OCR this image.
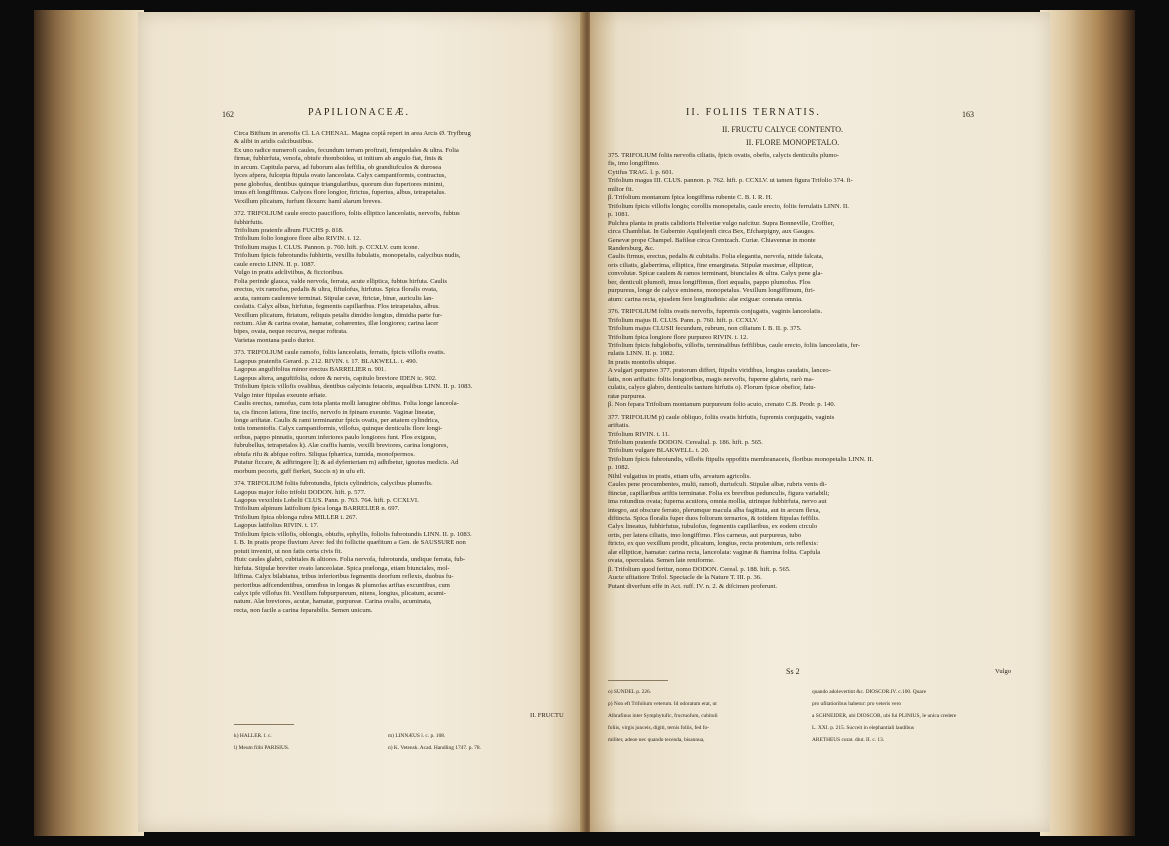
162	PAPILIONACEÆ.

Circa Bitfium in arenofis Cl. LA CHENAL. Magna copiâ reperi in area Arcis Ø. Tryfbrug

& alibi in aridis calcibusiibus.

Ex uno radice numerofi caules, fecundum terram proftrati, femipedales & ultra. Folia

firmæ, fubhirfuta, venofa, obtufe rhomboidea, ut initium ab angulo fiat, finis &

in arcum. Capitula parva, ad fuborum alas feffilia, ob grandiufculos & durosea

lyces afpera, fulcepta ftipula ovato lanceolata. Calyx campaniformis, contractus,

pene globofus, dentibus quinque triangularibus, quorum duo fuperiores minimi,

imus eft longiffimus. Calyces flore longior, ftrictus, fuperius, albus, tetrapetalus.

Vexillum plicatum, furfum flexum: hamî alarum breves.

372. TRIFOLIUM caule erecto paucifloro, foliis elliptico lanceolatis, nervofis, fubtus

fubhirfutis.

Trifolium pratenfe album FUCHS p. 818.

Trifolium folio longiore flore albo RIVIN. t. 12.

Trifolium majus I. CLUS. Pannon. p. 760. hift. p. CCXLV. cum icone.

Trifolium fpicis fubrotundis fubhirtis, vexillis fubulatis, monopetalis, calycibus nudis,

caule erecto LINN. II. p. 1087.

Vulgo in pratis adcliviibus, & ficcioribus.

Folia perinde glauca, valde nervofa, ferrata, acute elliptica, fubtus hirfuta. Caulis

erectus, vix ramofus, pedalis & ultra, fiftulofus, hirfutus. Spica floralis ovata,

acuta, ramum caulemve terminat. Stipulæ cavæ, ftrictæ, binæ, auriculis lan-

ceolatis. Calyx albus, hirfutus, fegmentis capillaribus. Flos tetrapetalus, albus.

Vexillum plicatum, ftriatum, reliquis petalis dimidio longius, dimidia parte fur-

rectum. Alæ & carina ovatæ, hamatæ, cohærentes, illæ longiores; carina lacer

bipes, ovata, neque recurva, neque roftrata.

Varietas montana paulo durior.

373. TRIFOLIUM caule ramofo, foliis lanceolatis, ferratis, fpicis villofis ovatis.

Lagopus pratenfis Gerard. p. 212. RIVIN. t. 17. BLAKWELL. t. 490.

Lagopus angufifolius minor erectus BARRELIER n. 901.

Lagopus altera, anguftifolia, odore & nervis, capitulo breviore IDEN ic. 902.

Trifolium fpicis villofis ovalibus, dentibus calycinis fetaceis, æqualibus LINN. II. p. 1083.

Vulgo inter ftipulas exeunte æftate.

Caulis erectus, ramofus, cum tota planta molli lanugine obfitus. Folia longe lanceola-

ta, cis fincon latiora, fine incifo, nervofo in fpinam exeunte. Vaginæ lineatæ,

longe ariftatæ. Caulis & rami terminantur fpicis ovatis, per ætatem cylindrica,

totis tomentofis. Calyx campaniformis, villofus, quinque denticulis flore longi-

oribus, pappo pinnatis, quorum inferiores paulo longiores funt. Flos exiguus,

fubrubellus, tetrapetalos k). Alæ craffis hamis, vexilli breviores, carina longiores,

obtufa rifu & abfque roftro. Siliqua fphærica, tumida, monofpermos.

Putatur ficcare, & adftringere l); & ad dyfenteriam m) adhibetur, ignotus medicis. Ad

morbum pecoris, guff fierket, Succis n) in ufu eft.

374. TRIFOLIUM foliis fubrotundis, fpicis cylindricis, calycibus plumofis.

Lagopus major folio trifolii DODON. hift. p. 577.

Lagopus vexcilnis Lobelii CLUS. Pann. p. 763. 764. hift. p. CCXLVI.

Trifolium alpinum latifolium fpica longa BARRELIER n. 697.

Trifolium fpica oblonga rubra MILLER t. 267.

Lagopus latifolius RIVIN. t. 17.

Trifolium fpicis villofis, oblongis, obtufis, ephyllis, foliolis fubrotundis LINN. II. p. 1083.

I. B. In pratis prope fluvium Arve: fed ibi follicite quæfitum a Gen. de SAUSSURE non

potuit inveniri, ut non fatis certa civis fit.

Huic caules glabri, cubitales & altiores. Folia nervofa, fubrotunda, undique ferrata, fub-

hirfuta. Stipulæ breviter ovato lanceolatæ. Spica prælonga, etiam biunciales, mol-

liffima. Calyx bilabiatus, tribus inferioribus fegmentis deorfum reflexis, duobus fu-

perioribus adfcendentibus, omnibus in longas & plumofas ariftas excuntibus, cum

calyx ipfe villofus fit. Vexillum fubpurpureum, nitens, longius, plicatum, acumi-

natum. Alæ breviores, acutæ, hamatæ, purpureæ. Carina ovalis, acuminata,

recta, non facile a carina feparabilis. Semen unicum.

II. FRUCTU

k) HALLER. l. c.

l) Meum fiibi PARISIUS.

m) LINNÆUS l. c. p. 108.

n) K. Vetensk. Acad. Handling 1747. p. 78.

II. FOLIIS TERNATIS.	163
II. FRUCTU CALYCE CONTENTO.
II. FLORE MONOPETALO.

375. TRIFOLIUM foliis nervofis ciliatis, fpicis ovatis, obefis, calycis denticulis plumo-

fis, imo longiffimo.

Cytifus TRAG. l. p. 601.

Trifolium magus III. CLUS. pannon. p. 762. hift. p. CCXLV. ut tamen figura Trifolio 374. fi-

milior fit.

β. Trifolium montanum fpica longiffima rubente C. B. I. R. H.

Trifolium fpicis villofis longis; corollis monopetalis, caule erecto, foliis ferrulatis LINN. II.

p. 1081.

Pulchra planta in pratis calidioris Helvetiæ vulgo nafcitur. Supra Bonneville, Croffier,

circa Chambliat. In Gubernio Aquilejenfi circa Bex, Efcharpigny, aux Gauges.

Genevæ prope Champel. Bafileæ circa Crentzach. Curiæ. Chiavennæ in monte

Randersburg, &c.

Caulis firmus, erectus, pedalis & cubitalis. Folia elegantia, nervofa, nitide falcata,

oris ciliatis, glaberrima, elliptica, fine emarginata. Stipulæ maximæ, ellipticæ,

convolutæ. Spicæ caulem & ramos terminant, biunciales & ultra. Calyx pene gla-

ber, denticuli plumofi, imus longiffimus, flori æqualis, pappo plumofus. Flos

purpureus, longe de calyce eminens, monopetalus. Vexillum longiffimum, ftri-

atum: carina recta, ejusdem fere longitudinis: alæ exiguæ: connata omnia.

376. TRIFOLIUM foliis ovatis nervofis, fupremis conjugatis, vaginis lanceolatis.

Trifolium majus II. CLUS. Pann. p. 760. hift. p. CCXLV.

Trifolium majus CLUSII fecundum, rubrum, non ciliatum I. B. II. p. 375.

Trifolium fpica longiore flore purpureo RIVIN. t. 12.

Trifolium fpicis fubglobofis, villofis, terminalibus feffilibus, caule erecto, foliis lanceolatis, fer-

rulatis LINN. II. p. 1082.

In pratis montofis ubique.

A vulgari purpureo 377. pratorum differt, ftipulis viridibus, longius caudatis, lanceo-

latis, non ariftatis: foliis longioribus, magis nervofis, fuperne glabris, rarò ma-

culatis, calyce glabro, denticulis tantum hirfutis o). Florum fpicæ obefior, fatu-

ratæ purpurea.

β. Non fepara Trifolium montanum purpureum folio acuto, crenato C.B. Prodr. p. 140.

377. TRIFOLIUM p) caule obliquo, foliis ovatis hirfutis, fupremis conjugatis, vaginis

ariftatis.

Trifolium RIVIN. t. 11.

Trifolium pratenfe DODON. Cerealial. p. 186. hift. p. 565.

Trifolium vulgare BLAKWELL. t. 20.

Trifolium fpicis fubrotundis, villofis ftipulis oppofitis membranaceis, floribus monopetalis LINN. II.

p. 1082.

Nihil vulgatius in pratis, etiam ufis, arvatum agricolis.

Caules pene procumbentes, multi, ramofi, duriufculi. Stipulæ albæ, rubris venis di-

ftinctæ, capillaribus ariftis terminatæ. Folia ex brevibus pedunculis, figura variabili;

ima rotundius ovata; fuperna acutiora, omnia mollia, utrinque fubhirfuta, nervo aut

integro, aut obscure ferrato, plerumque macula alba fagittata, aut in arcum flexa,

diftincta. Spica floralis fuper duos foliorum ternarios, & totidem ftipulas feffilis.

Calyx lineatus, fubhirfutus, tubulofus, fegmentis capillaribus, ex eodem circulo

ortis, per latera ciliatis, imo longiffimo. Flos carneus, aut purpureus, tubo

ftricto, ex quo vexillum prodit, plicatum, longius, recta protentum, oris reflexis:

alæ ellipticæ, hamatæ: carina recta, lanceolata: vaginæ & ftamina folita. Capfula

ovata, operculata. Semen late reniforme.

β. Trifolium quod feritur, nomo DODON. Cereal. p. 188. hift. p. 565.

Aucte ufitatiore Trifol. Spectacle de la Nature T. III. p. 36.

Putant diverfum effe in Act. ruff. IV. n. 2. & difcimen proferunt.

Ss 2	Vulgo

o) SUNDEL p. 226.

p) Non eft Trifolium veterum. Id odoratum erat, ut

Alhrafinus inter Symphytufic, fructuofum, cubituli

foliis, virgis junceis, digiti, ternis foliis, fed fo-

militer, adeoe nec quando tecenda, bisannua,

quando adolevertint &c. DIOSCOR.IV. c.100. Quare

pro ufitatioribus habetur: pro veteris vero

a SCHNEIDER, ubi DIOSCOR, ubi fui PLINIUS, le unica credere

L. XXI. p. 215. Succeit in elephantiali laudibus

ARETHEUS curat. diut. II. c. 13.
